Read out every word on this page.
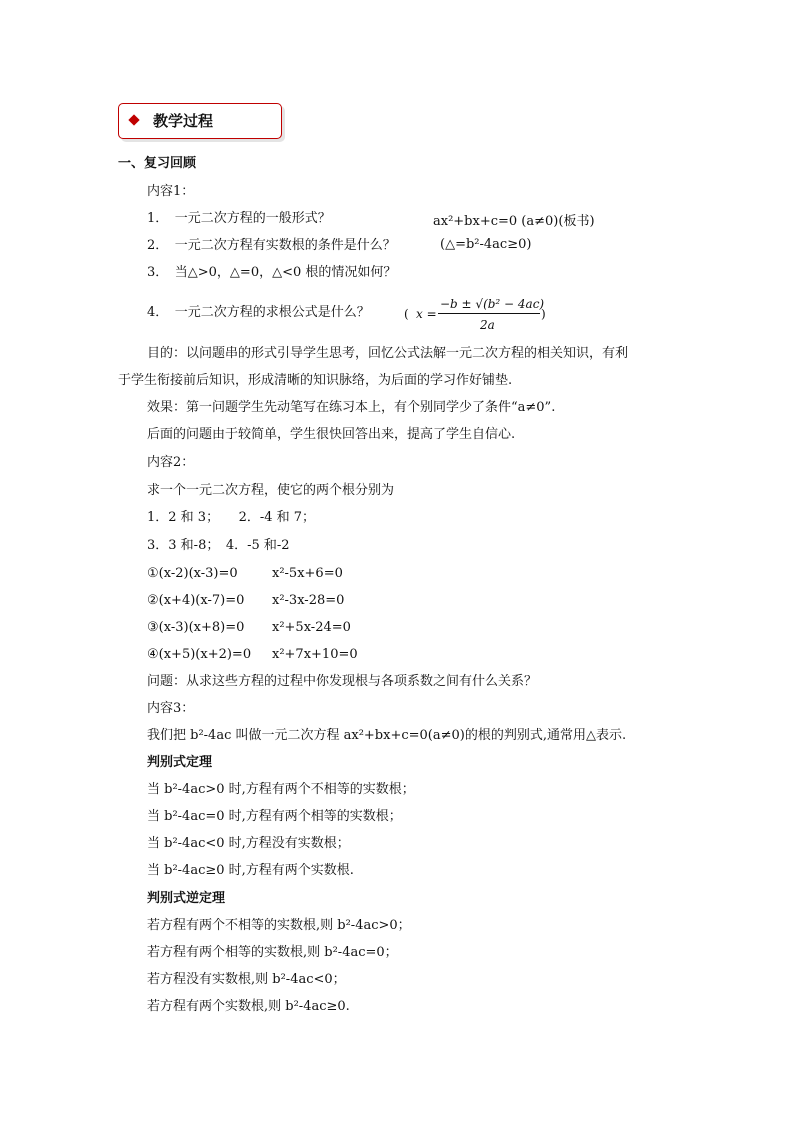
教学过程
一、复习回顾
内容1：
1．　一元二次方程的一般形式？	ax²+bx+c=0 (a≠0)(板书)
2．　一元二次方程有实数根的条件是什么？	(△=b²-4ac≥0)
3．　当△>0，△=0，△<0 根的情况如何？
4．　一元二次方程的求根公式是什么？	( x =
−b ± √(b² − 4ac)
2a
)
目的：以问题串的形式引导学生思考，回忆公式法解一元二次方程的相关知识，有利
于学生衔接前后知识，形成清晰的知识脉络，为后面的学习作好铺垫.
效果：第一问题学生先动笔写在练习本上，有个别同学少了条件“a≠0”.
后面的问题由于较简单，学生很快回答出来，提高了学生自信心.
内容2：
求一个一元二次方程，使它的两个根分别为
1．2 和 3；　　2．-4 和 7；
3．3 和-8；　4．-5 和-2
①(x-2)(x-3)=0	x²-5x+6=0
②(x+4)(x-7)=0 x²-3x-28=0
③(x-3)(x+8)=0 x²+5x-24=0
④(x+5)(x+2)=0 x²+7x+10=0
问题：从求这些方程的过程中你发现根与各项系数之间有什么关系？
内容3：
我们把 b²-4ac 叫做一元二次方程 ax²+bx+c=0(a≠0)的根的判别式,通常用△表示.
判别式定理
当 b²-4ac>0 时,方程有两个不相等的实数根；
当 b²-4ac=0 时,方程有两个相等的实数根；
当 b²-4ac<0 时,方程没有实数根；
当 b²-4ac≥0 时,方程有两个实数根.
判别式逆定理
若方程有两个不相等的实数根,则 b²-4ac>0；
若方程有两个相等的实数根,则 b²-4ac=0；
若方程没有实数根,则 b²-4ac<0；
若方程有两个实数根,则 b²-4ac≥0.
